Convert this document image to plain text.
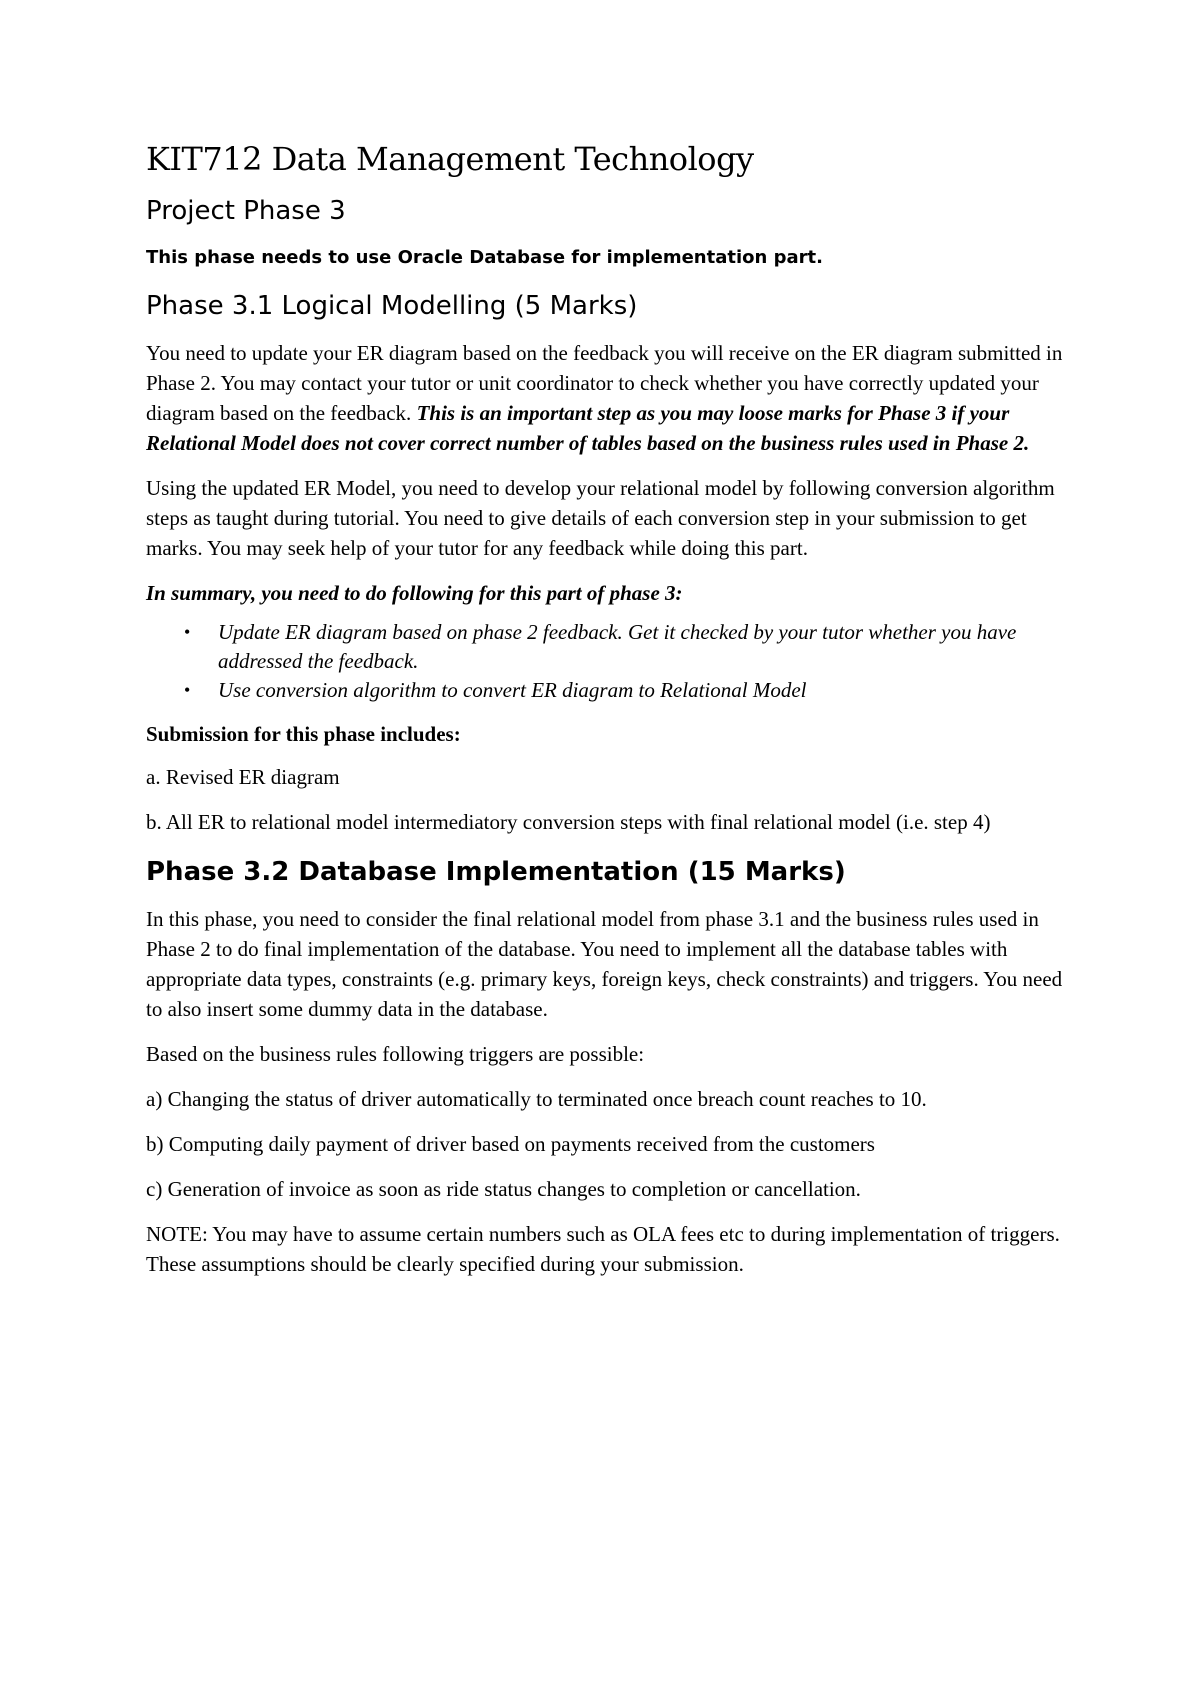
KIT712 Data Management Technology
Project Phase 3

This phase needs to use Oracle Database for implementation part.

Phase 3.1 Logical Modelling (5 Marks)

You need to update your ER diagram based on the feedback you will receive on the ER diagram submitted in Phase 2. You may contact your tutor or unit coordinator to check whether you have correctly updated your diagram based on the feedback. This is an important step as you may loose marks for Phase 3 if your Relational Model does not cover correct number of tables based on the business rules used in Phase 2.

Using the updated ER Model, you need to develop your relational model by following conversion algorithm steps as taught during tutorial. You need to give details of each conversion step in your submission to get marks. You may seek help of your tutor for any feedback while doing this part.

In summary, you need to do following for this part of phase 3:

• Update ER diagram based on phase 2 feedback. Get it checked by your tutor whether you have addressed the feedback.
• Use conversion algorithm to convert ER diagram to Relational Model

Submission for this phase includes:

a. Revised ER diagram

b. All ER to relational model intermediatory conversion steps with final relational model (i.e. step 4)

Phase 3.2 Database Implementation (15 Marks)

In this phase, you need to consider the final relational model from phase 3.1 and the business rules used in Phase 2 to do final implementation of the database. You need to implement all the database tables with appropriate data types, constraints (e.g. primary keys, foreign keys, check constraints) and triggers. You need to also insert some dummy data in the database.

Based on the business rules following triggers are possible:

a) Changing the status of driver automatically to terminated once breach count reaches to 10.

b) Computing daily payment of driver based on payments received from the customers

c) Generation of invoice as soon as ride status changes to completion or cancellation.

NOTE: You may have to assume certain numbers such as OLA fees etc to during implementation of triggers. These assumptions should be clearly specified during your submission.
